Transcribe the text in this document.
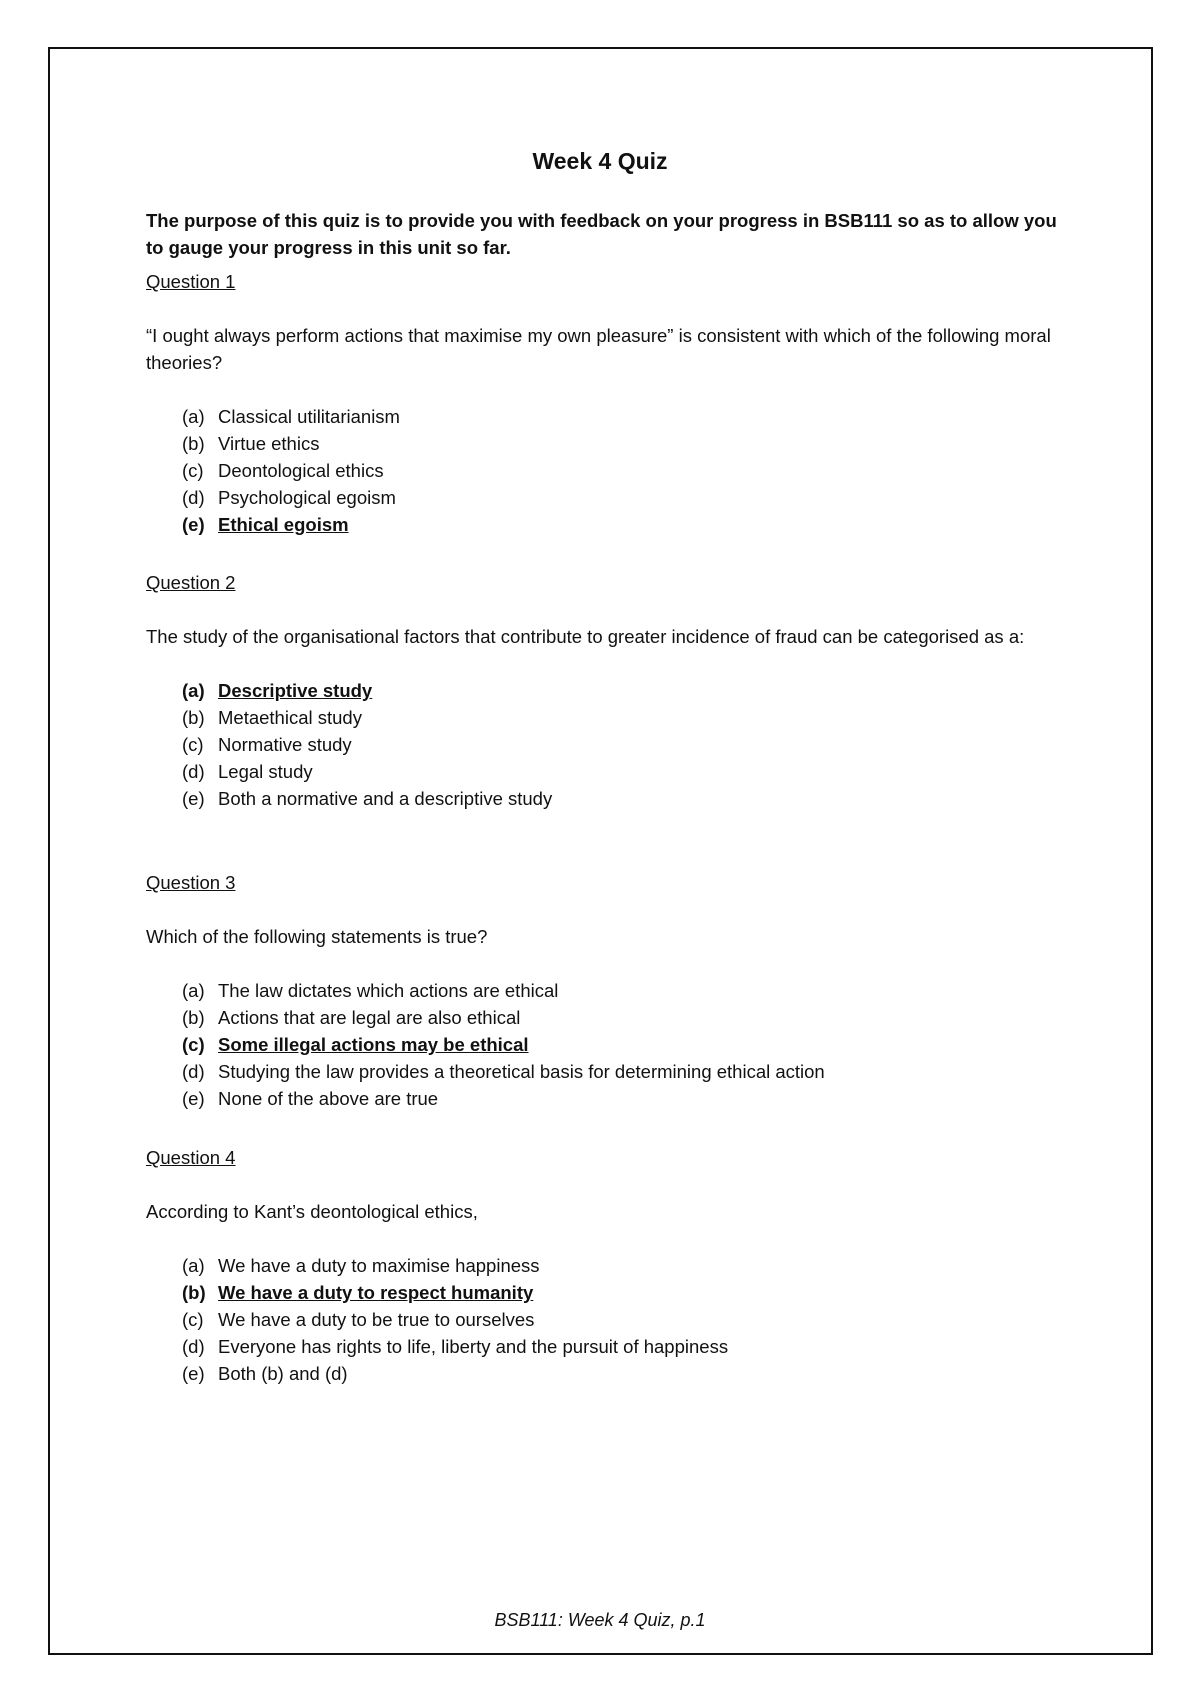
Week 4 Quiz
The purpose of this quiz is to provide you with feedback on your progress in BSB111 so as to allow you to gauge your progress in this unit so far.
Question 1
“I ought always perform actions that maximise my own pleasure” is consistent with which of the following moral theories?
(a) Classical utilitarianism
(b) Virtue ethics
(c) Deontological ethics
(d) Psychological egoism
(e) Ethical egoism
Question 2
The study of the organisational factors that contribute to greater incidence of fraud can be categorised as a:
(a) Descriptive study
(b) Metaethical study
(c) Normative study
(d) Legal study
(e) Both a normative and a descriptive study
Question 3
Which of the following statements is true?
(a) The law dictates which actions are ethical
(b) Actions that are legal are also ethical
(c) Some illegal actions may be ethical
(d) Studying the law provides a theoretical basis for determining ethical action
(e) None of the above are true
Question 4
According to Kant’s deontological ethics,
(a) We have a duty to maximise happiness
(b) We have a duty to respect humanity
(c) We have a duty to be true to ourselves
(d) Everyone has rights to life, liberty and the pursuit of happiness
(e) Both (b) and (d)
BSB111: Week 4 Quiz, p.1
